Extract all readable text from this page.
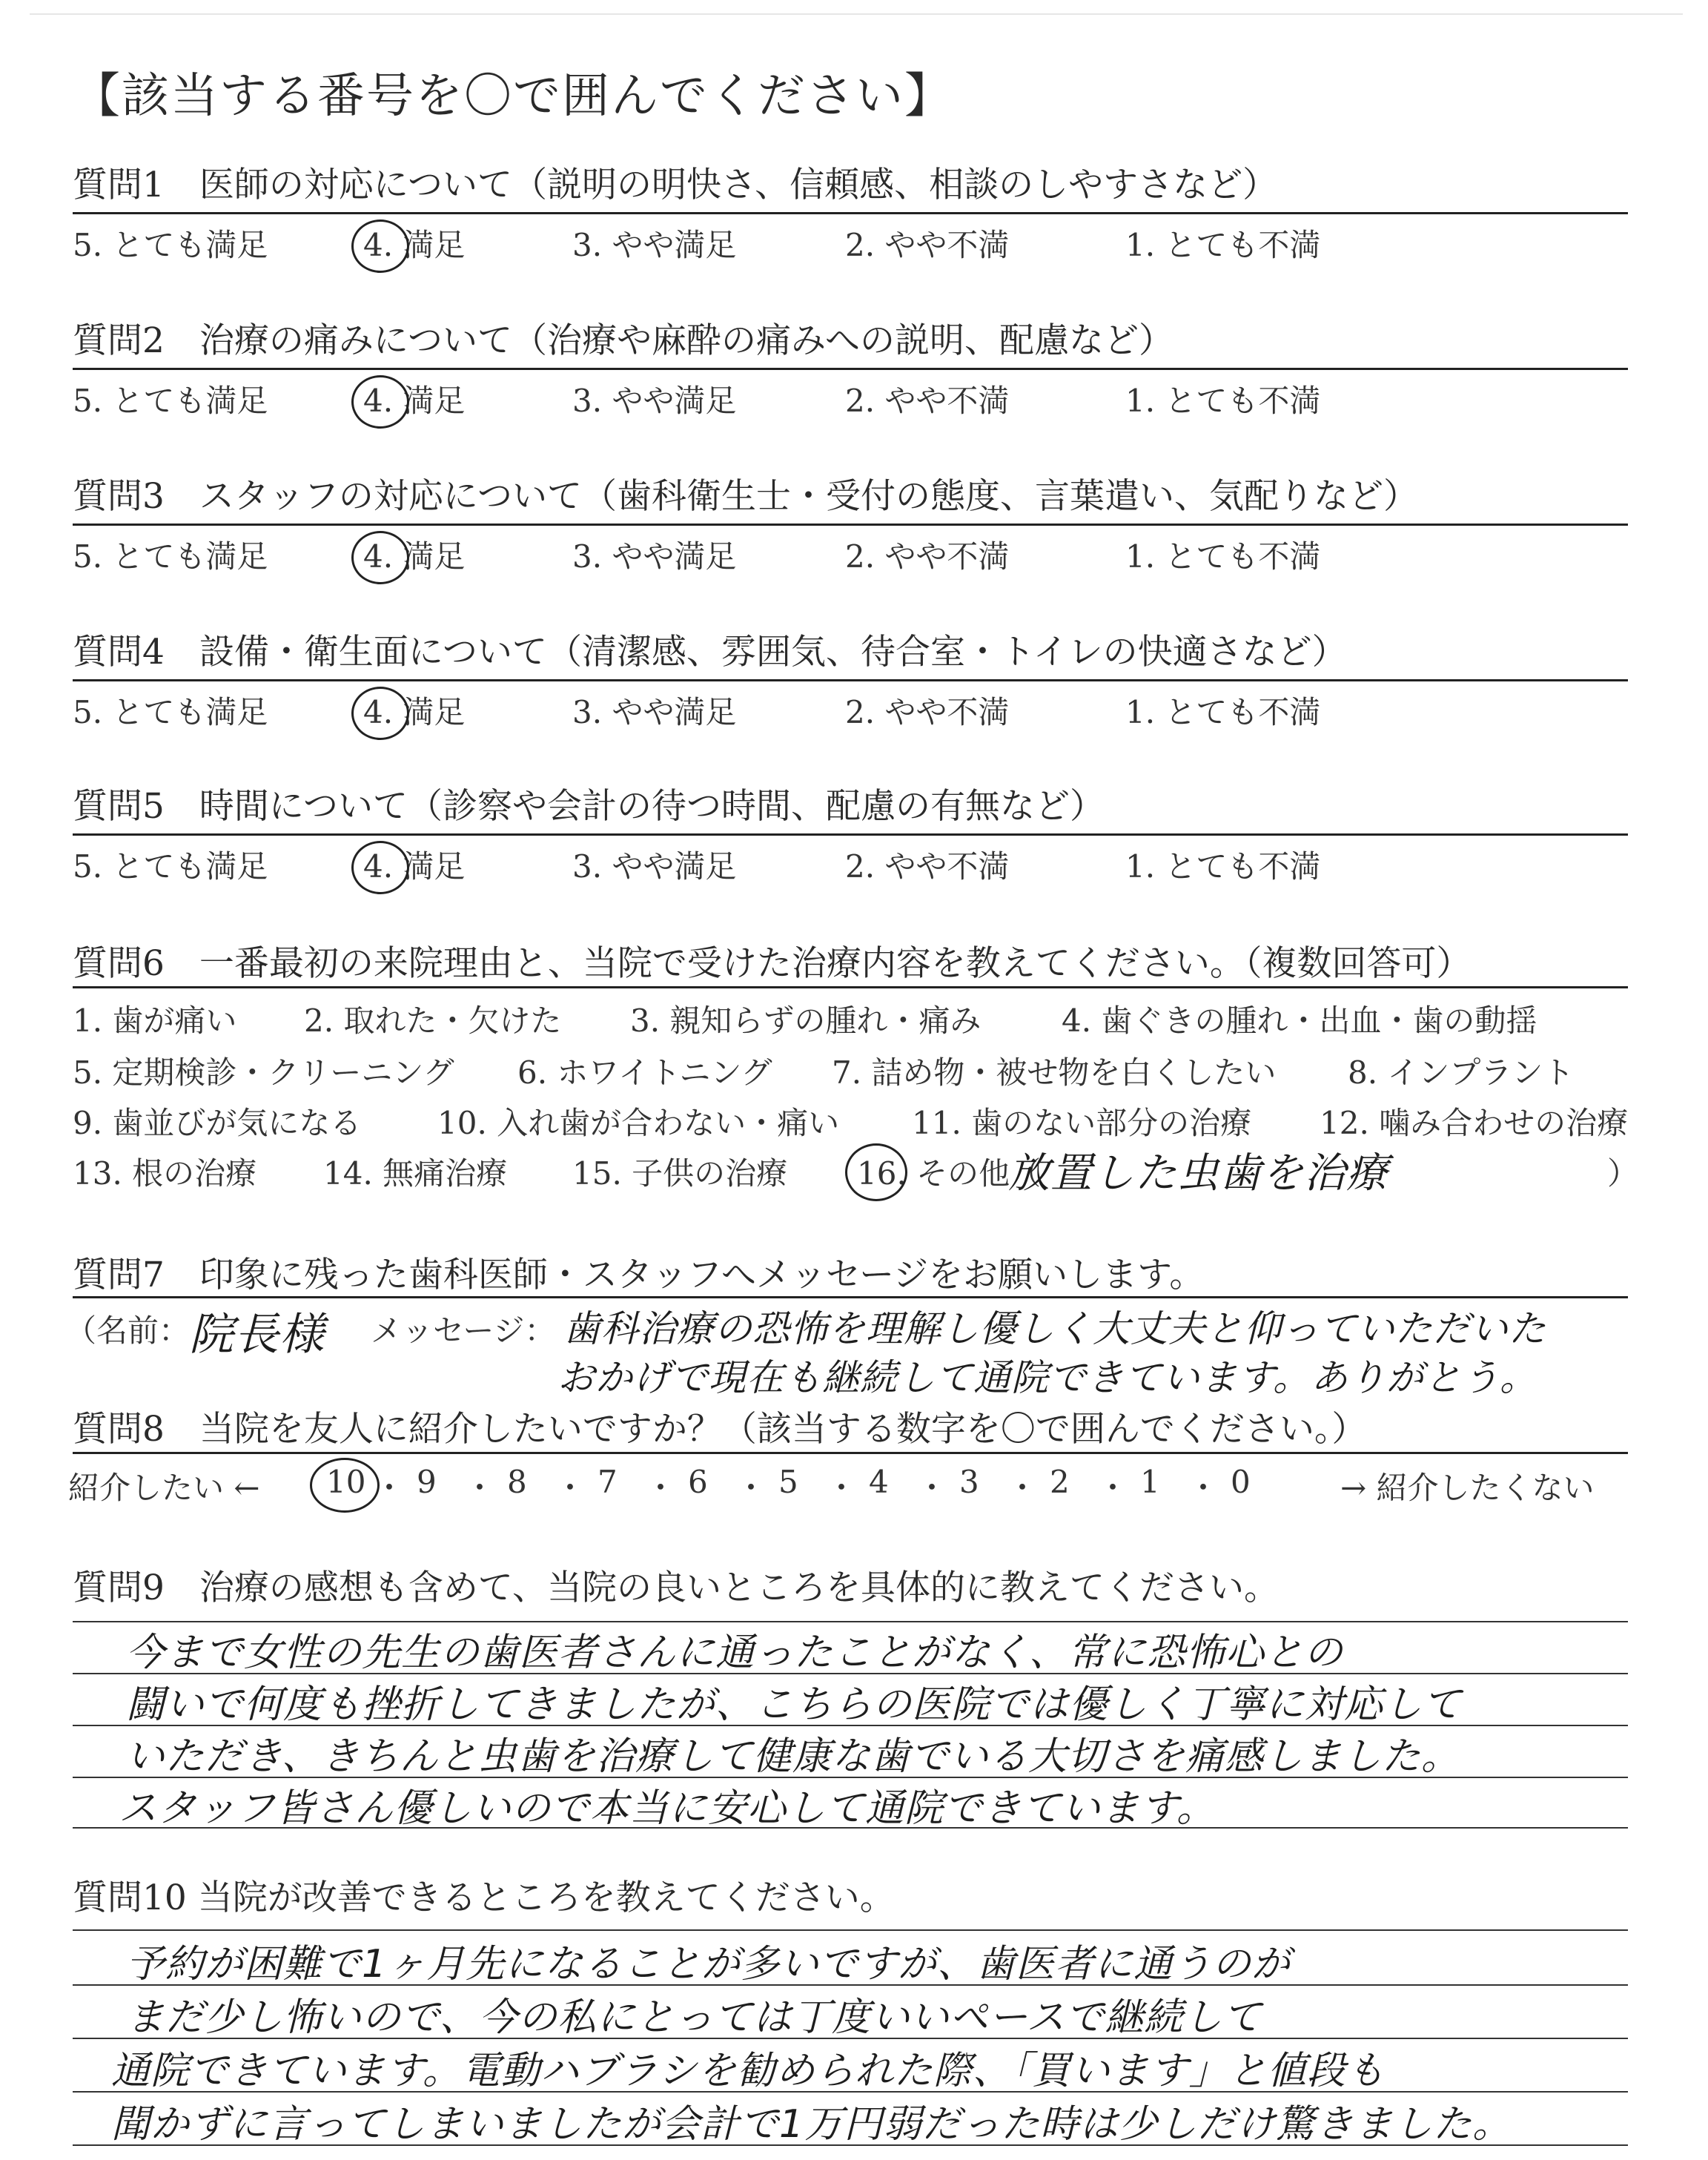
【該当する番号を〇で囲んでください】
質問1　医師の対応について（説明の明快さ、信頼感、相談のしやすさなど）
5. とても満足	4. 満足	3. やや満足	2. やや不満	1. とても不満
質問2　治療の痛みについて（治療や麻酔の痛みへの説明、配慮など）
5. とても満足	4. 満足	3. やや満足	2. やや不満	1. とても不満
質問3　スタッフの対応について（歯科衛生士・受付の態度、言葉遣い、気配りなど）
5. とても満足	4. 満足	3. やや満足	2. やや不満	1. とても不満
質問4　設備・衛生面について（清潔感、雰囲気、待合室・トイレの快適さなど）
5. とても満足	4. 満足	3. やや満足	2. やや不満	1. とても不満
質問5　時間について（診察や会計の待つ時間、配慮の有無など）
5. とても満足	4. 満足	3. やや満足	2. やや不満	1. とても不満
質問6　一番最初の来院理由と、当院で受けた治療内容を教えてください。（複数回答可）
1. 歯が痛い 2. 取れた・欠けた 3. 親知らずの腫れ・痛み	4. 歯ぐきの腫れ・出血・歯の動揺
5. 定期検診・クリーニング 6. ホワイトニング 7. 詰め物・被せ物を白くしたい 8. インプラント
9. 歯並びが気になる 10. 入れ歯が合わない・痛い 11. 歯のない部分の治療 12. 噛み合わせの治療
13. 根の治療 14. 無痛治療 15. 子供の治療 16. その他（
放置した虫歯を治療	）
質問7　印象に残った歯科医師・スタッフへメッセージをお願いします。
（名前：
院長様 メッセージ： 歯科治療の恐怖を理解し優しく大丈夫と仰っていただいた
おかげで現在も継続して通院できています。ありがとう。
質問8　当院を友人に紹介したいですか？（該当する数字を〇で囲んでください。）
紹介したい ← 10 ・ 9 ・ 8 ・ 7 ・ 6 ・ 5 ・ 4 ・ 3 ・ 2 ・ 1 ・ 0	→ 紹介したくない
質問9　治療の感想も含めて、当院の良いところを具体的に教えてください。
今まで女性の先生の歯医者さんに通ったことがなく、常に恐怖心との
闘いで何度も挫折してきましたが、こちらの医院では優しく丁寧に対応して
いただき、きちんと虫歯を治療して健康な歯でいる大切さを痛感しました。
スタッフ皆さん優しいので本当に安心して通院できています。
質問10 当院が改善できるところを教えてください。
予約が困難で1ヶ月先になることが多いですが、歯医者に通うのが
まだ少し怖いので、今の私にとっては丁度いいペースで継続して
通院できています。電動ハブラシを勧められた際、「買います」と値段も
聞かずに言ってしまいましたが会計で1万円弱だった時は少しだけ驚きました。
